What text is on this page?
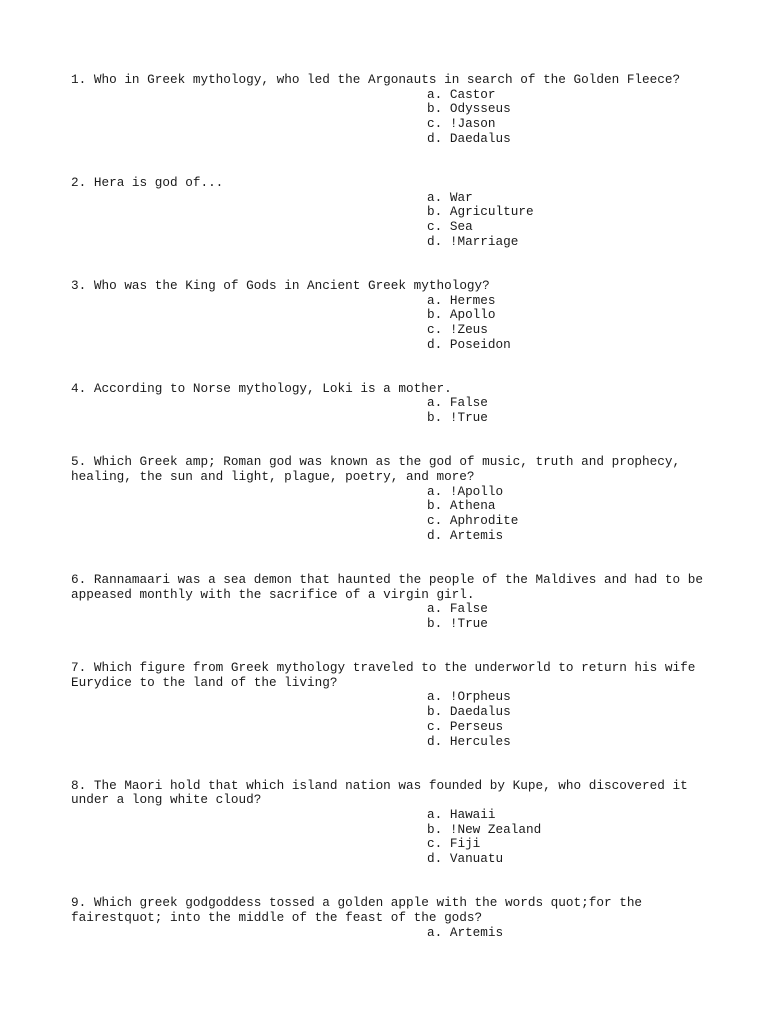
1. Who in Greek mythology, who led the Argonauts in search of the Golden Fleece?
a. Castor
b. Odysseus
c. !Jason
d. Daedalus
2. Hera is god of...
a. War
b. Agriculture
c. Sea
d. !Marriage
3. Who was the King of Gods in Ancient Greek mythology?
a. Hermes
b. Apollo
c. !Zeus
d. Poseidon
4. According to Norse mythology, Loki is a mother.
a. False
b. !True
5. Which Greek amp; Roman god was known as the god of music, truth and prophecy,
healing, the sun and light, plague, poetry, and more?
a. !Apollo
b. Athena
c. Aphrodite
d. Artemis
6. Rannamaari was a sea demon that haunted the people of the Maldives and had to be
appeased monthly with the sacrifice of a virgin girl.
a. False
b. !True
7. Which figure from Greek mythology traveled to the underworld to return his wife
Eurydice to the land of the living?
a. !Orpheus
b. Daedalus
c. Perseus
d. Hercules
8. The Maori hold that which island nation was founded by Kupe, who discovered it
under a long white cloud?
a. Hawaii
b. !New Zealand
c. Fiji
d. Vanuatu
9. Which greek godgoddess tossed a golden apple with the words quot;for the
fairestquot; into the middle of the feast of the gods?
a. Artemis
